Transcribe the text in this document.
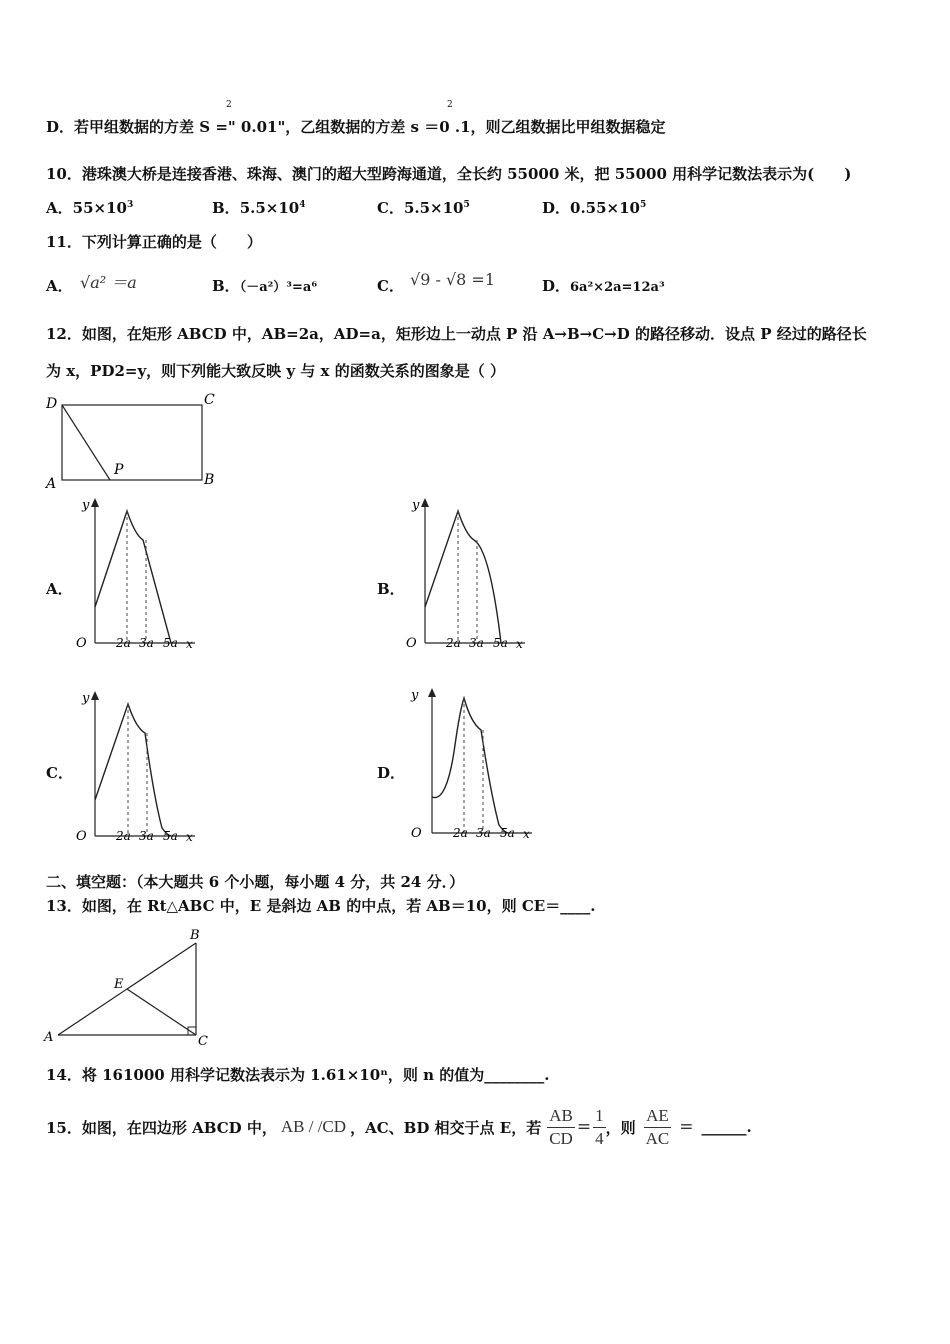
D．若甲组数据的方差 S =" 0.01"，乙组数据的方差 s ＝0 .1，则乙组数据比甲组数据稳定
2	2
10．港珠澳大桥是连接香港、珠海、澳门的超大型跨海通道，全长约 55000 米，把 55000 用科学记数法表示为(　　)
A．$55\times 10^3$	B．$5.5\times 10^4$	C．$5.5\times 10^5$	D．$0.55\times 10^5$
11．下列计算正确的是（　　）
A． √a² ＝a	B．（－a²）³=a⁶	C． √9 - √8 =1	D．6a²×2a=12a³
12．如图，在矩形 ABCD 中，AB=2a，AD=a，矩形边上一动点 P 沿 A→B→C→D 的路径移动．设点 P 经过的路径长
为 x，PD2=y，则下列能大致反映 y 与 x 的函数关系的图象是（ ）
D	C
A	B
P
A．	B．
C．	D．
y
O 2a 3a 5a x
y
O 2a 3a 5a x
y
O 2a 3a 5a x
y
O	2a 3a 5a x
二、填空题：（本大题共 6 个小题，每小题 4 分，共 24 分．）
13．如图，在 Rt△ABC 中，E 是斜边 AB 的中点，若 AB＝10，则 CE＝____.
A
B
C
E
14．将 161000 用科学记数法表示为 1.61×10ⁿ，则 n 的值为________.
15．如图，在四边形 ABCD 中， AB / /CD ，AC、BD 相交于点 E，若 $\frac{AB}{CD} = \frac{1}{4}$ ，则 $\frac{AE}{AC}$ = ______.
